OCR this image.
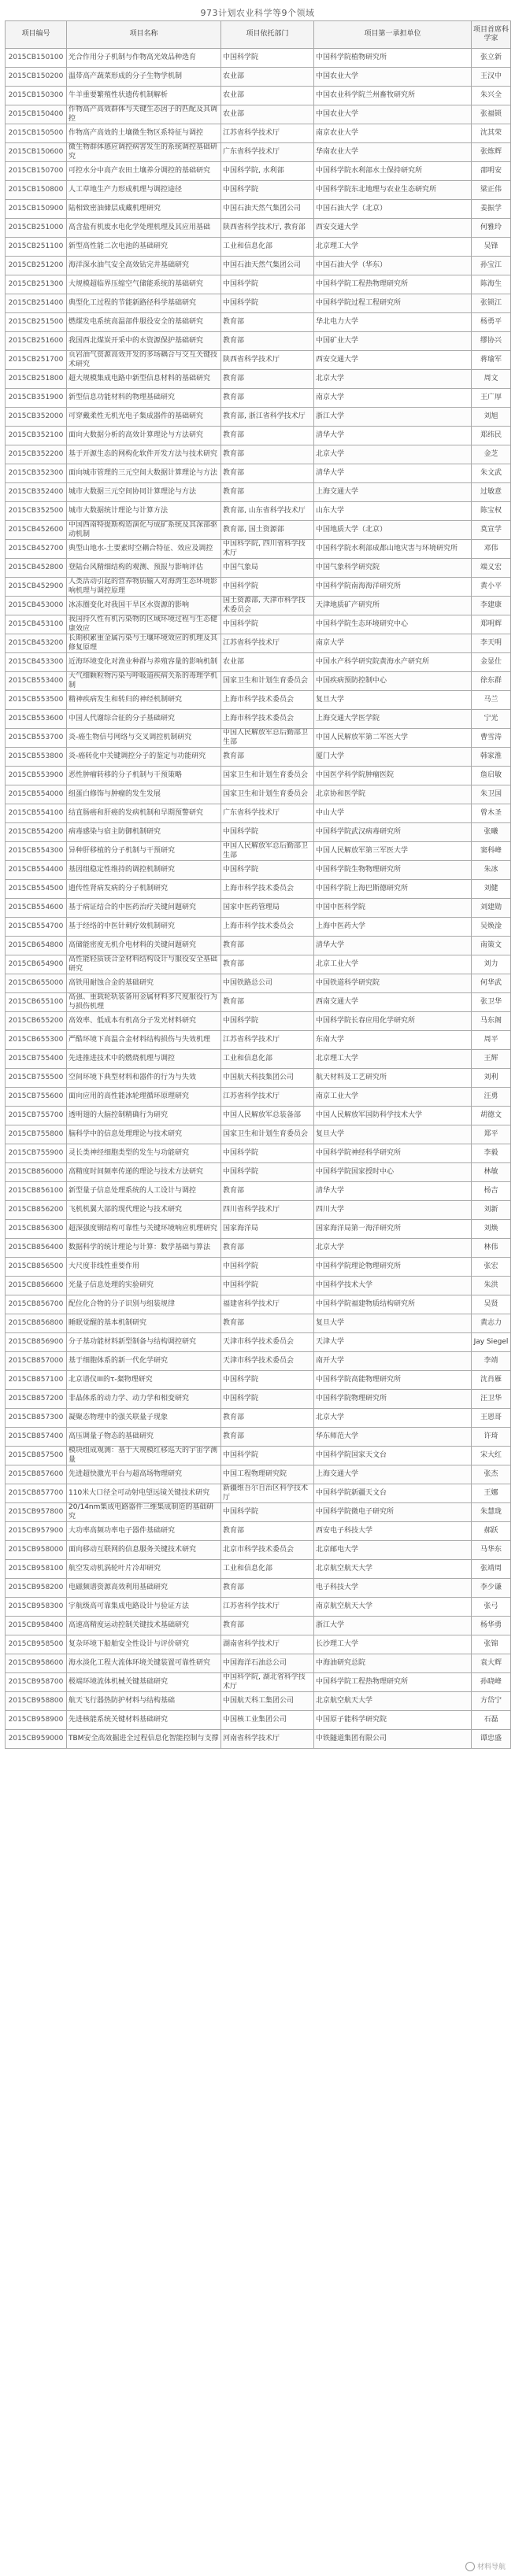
973计划农业科学等9个领域
项目编号	项目名称	项目依托部门	项目第一承担单位	项目首席科学家
2015CB150100	光合作用分子机制与作物高光效品种选育	中国科学院	中国科学院植物研究所	张立新
2015CB150200	温带高产蔬菜形成的分子生物学机制	农业部	中国农业大学	王汉中
2015CB150300	牛羊重要繁殖性状遗传机制解析	农业部	中国农业科学院兰州畜牧研究所	朱兴全
2015CB150400	作物高产高效群体与关键生态因子的匹配及其调控	农业部	中国农业大学	张福锁
2015CB150500	作物高产高效的土壤微生物区系特征与调控	江苏省科学技术厅	南京农业大学	沈其荣
2015CB150600	微生物群体感应调控病害发生的系统调控基础研究	广东省科学技术厅	华南农业大学	张炼辉
2015CB150700	可控水分中高产农田土壤养分调控的基础研究	中国科学院, 水利部	中国科学院水利部水土保持研究所	邵明安
2015CB150800	人工草地生产力形成机理与调控途径	中国科学院	中国科学院东北地理与农业生态研究所	梁正伟
2015CB150900	陆相致密油储层成藏机理研究	中国石油天然气集团公司	中国石油大学（北京）	姜振学
2015CB251000	高含盐有机废水电化学处理机理及其应用基础	陕西省科学技术厅, 教育部	西安交通大学	何雅玲
2015CB251100	新型高性能二次电池的基础研究	工业和信息化部	北京理工大学	吴锋
2015CB251200	海洋深水油气安全高效钻完井基础研究	中国石油天然气集团公司	中国石油大学（华东）	孙宝江
2015CB251300	大规模超临界压缩空气储能系统的基础研究	中国科学院	中国科学院工程热物理研究所	陈海生
2015CB251400	典型化工过程的节能新路径科学基础研究	中国科学院	中国科学院过程工程研究所	张锁江
2015CB251500	燃煤发电系统高温部件服役安全的基础研究	教育部	华北电力大学	杨勇平
2015CB251600	我国西北煤炭开采中的水资源保护基础研究	教育部	中国矿业大学	缪协兴
2015CB251700	页岩油气资源高效开发的多场耦合与交互关键技术研究	陕西省科学技术厅	西安交通大学	蒋瑜军
2015CB251800	超大规模集成电路中新型信息材料的基础研究	教育部	北京大学	周文
2015CB351900	新型信息功能材料的物理基础研究	教育部	南京大学	王广厚
2015CB352000	可穿戴柔性无机光电子集成器件的基础研究	教育部, 浙江省科学技术厅	浙江大学	刘旭
2015CB352100	面向大数据分析的高效计算理论与方法研究	教育部	清华大学	郑纬民
2015CB352200	基于开源生态的网构化软件开发方法与技术研究	教育部	北京大学	金芝
2015CB352300	面向城市管理的三元空间大数据计算理论与方法	教育部	清华大学	朱文武
2015CB352400	城市大数据三元空间协同计算理论与方法	教育部	上海交通大学	过敏意
2015CB352500	城市大数据统计理论与计算方法	教育部, 山东省科学技术厅	山东大学	陈宝权
2015CB452600	中国西南特提斯构造演化与成矿系统及其深部驱动机制	教育部, 国土资源部	中国地质大学（北京）	莫宣学
2015CB452700	典型山地水-土要素时空耦合特征、效应及调控	中国科学院, 四川省科学技术厅	中国科学院水利部成都山地灾害与环境研究所	邓伟
2015CB452800	登陆台风精细结构的观测、预报与影响评估	中国气象局	中国气象科学研究院	端义宏
2015CB452900	人类活动引起的营养物质输入对海湾生态环境影响机理与调控原理	中国科学院	中国科学院南海海洋研究所	黄小平
2015CB453000	冰冻圈变化对我国干旱区水资源的影响	国土资源部, 天津市科学技术委员会	天津地质矿产研究所	李建康
2015CB453100	我国持久性有机污染物的区域环境过程与生态健康效应	中国科学院	中国科学院生态环境研究中心	郑明辉
2015CB453200	长期积累重金属污染与土壤环境效应的机理及其修复原理	江苏省科学技术厅	南京大学	李天明
2015CB453300	近海环境变化对渔业种群与养殖容量的影响机制	农业部	中国水产科学研究院黄海水产研究所	金显仕
2015CB553400	大气细颗粒物污染与呼吸道疾病关系的毒理学机制	国家卫生和计划生育委员会	中国疾病预防控制中心	徐东群
2015CB553500	精神疾病发生和转归的神经机制研究	上海市科学技术委员会	复旦大学	马兰
2015CB553600	中国人代谢综合征的分子基础研究	上海市科学技术委员会	上海交通大学医学院	宁光
2015CB553700	炎-癌生物信号网络与交叉调控机制研究	中国人民解放军总后勤部卫生部	中国人民解放军第二军医大学	曹雪涛
2015CB553800	炎-癌转化中关键调控分子的鉴定与功能研究	教育部	厦门大学	韩家淮
2015CB553900	恶性肿瘤转移的分子机制与干预策略	国家卫生和计划生育委员会	中国医学科学院肿瘤医院	詹启敏
2015CB554000	组蛋白修饰与肿瘤的发生发展	国家卫生和计划生育委员会	北京协和医学院	朱卫国
2015CB554100	结直肠癌和肝癌的发病机制和早期预警研究	广东省科学技术厅	中山大学	曾木圣
2015CB554200	病毒感染与宿主防御机制研究	中国科学院	中国科学院武汉病毒研究所	张曦
2015CB554300	异种肝移植的分子机制与干预研究	中国人民解放军总后勤部卫生部	中国人民解放军第三军医大学	窦科峰
2015CB554400	基因组稳定性维持的调控机制研究	中国科学院	中国科学院生物物理研究所	朱冰
2015CB554500	遗传性肾病发病的分子机制研究	上海市科学技术委员会	中国科学院上海巴斯德研究所	刘健
2015CB554600	基于病证结合的中医药治疗关键问题研究	国家中医药管理局	中国中医科学院	刘建勋
2015CB554700	基于经络的中医针刺疗效机制研究	上海市科学技术委员会	上海中医药大学	吴焕淦
2015CB654800	高储能密度无机介电材料的关键问题研究	教育部	清华大学	南策文
2015CB654900	高性能轻质镁合金材料结构设计与服役安全基础研究	教育部	北京工业大学	刘力
2015CB655000	高铁用耐蚀合金的基础研究	中国铁路总公司	中国铁道科学研究院	何华武
2015CB655100	高强、重载轮轨装备用金属材料多尺度服役行为与损伤机理	教育部	西南交通大学	张卫华
2015CB655200	高效率、低成本有机高分子发光材料研究	中国科学院	中国科学院长春应用化学研究所	马东阁
2015CB655300	严酷环境下高温合金材料结构损伤与失效机理	江苏省科学技术厅	东南大学	周平
2015CB755400	先进推进技术中的燃烧机理与调控	工业和信息化部	北京理工大学	王辉
2015CB755500	空间环境下典型材料和器件的行为与失效	中国航天科技集团公司	航天材料及工艺研究所	刘利
2015CB755600	面向应用的高性能冰轮理循环原理研究	江苏省科学技术厅	南京工业大学	汪勇
2015CB755700	透明翅的大脑控制精确行为研究	中国人民解放军总装备部	中国人民解放军国防科学技术大学	胡德文
2015CB755800	脑科学中的信息处理理论与技术研究	国家卫生和计划生育委员会	复旦大学	郑平
2015CB755900	灵长类神经细胞类型的发生与功能研究	中国科学院	中国科学院神经科学研究所	李毅
2015CB856000	高精度时间频率传递的理论与技术方法研究	中国科学院	中国科学院国家授时中心	林敏
2015CB856100	新型量子信息处理系统的人工设计与调控	教育部	清华大学	杨吉
2015CB856200	飞机机翼大部的现代理论与技术研究	四川省科学技术厅	四川大学	刘新
2015CB856300	超深强度钢结构可靠性与关键环境响应机理研究	国家海洋局	国家海洋局第一海洋研究所	刘焕
2015CB856400	数据科学的统计理论与计算：数学基础与算法	教育部	北京大学	林伟
2015CB856500	大尺度非线性重要作用	中国科学院	中国科学院理论物理研究所	张宏
2015CB856600	光量子信息处理的实验研究	中国科学院	中国科学技术大学	朱洪
2015CB856700	配位化合物的分子识别与组装规律	福建省科学技术厅	中国科学院福建物质结构研究所	吴贤
2015CB856800	睡眠觉醒的基本机制研究	教育部	复旦大学	黄志力
2015CB856900	分子基功能材料新型制备与结构调控研究	天津市科学技术委员会	天津大学	Jay Siegel
2015CB857000	基于细胞体系的新一代化学研究	天津市科学技术委员会	南开大学	李靖
2015CB857100	北京谱仪III的τ-粲物理研究	中国科学院	中国科学院高能物理研究所	沈肖雁
2015CB857200	非晶体系的动力学、动力学和相变研究	中国科学院	中国科学院物理研究所	汪卫华
2015CB857300	凝聚态物理中的强关联量子现象	教育部	北京大学	王恩哥
2015CB857400	高压调量子物态的基础研究	教育部	华东师范大学	许琦
2015CB857500	模块组成观测：基于大规模红移巡天的宇宙学测量	中国科学院	中国科学院国家天文台	宋大红
2015CB857600	先进超快激光平台与超高场物理研究	中国工程物理研究院	上海交通大学	张杰
2015CB857700	110米大口径全可动射电望远镜关键技术研究	新疆维吾尔自治区科学技术厅	中国科学院新疆天文台	王娜
2015CB957800	20/14nm集成电路器件三维集成制造的基础研究	中国科学院	中国科学院微电子研究所	朱慧珑
2015CB957900	大功率高频功率电子器件基础研究	教育部	西安电子科技大学	郝跃
2015CB958000	面向移动互联网的信息服务关键技术研究	北京市科学技术委员会	北京邮电大学	马华东
2015CB958100	航空发动机涡轮叶片冷却研究	工业和信息化部	北京航空航天大学	张靖周
2015CB958200	电磁频谱资源高效利用基础研究	教育部	电子科技大学	李少谦
2015CB958300	宇航级高可靠集成电路设计与验证方法	江苏省科学技术厅	南京航空航天大学	张弓
2015CB958400	高速高精度运动控制关键技术基础研究	教育部	浙江大学	杨华勇
2015CB958500	复杂环境下船舶安全性设计与评价研究	湖南省科学技术厅	长沙理工大学	张锦
2015CB958600	海水淡化工程大流体环境关键装置可靠性研究	中国海洋石油总公司	中海油研究总院	袁大辉
2015CB958700	极端环境流体机械关键基础研究	中国科学院, 湖北省科学技术厅	中国科学院工程热物理研究所	孙晓峰
2015CB958800	航天飞行器热防护材料与结构基础	中国航天科工集团公司	北京航空航天大学	方岱宁
2015CB958900	先进核能系统关键材料基础研究	中国核工业集团公司	中国原子能科学研究院	石磊
2015CB959000	TBM安全高效掘进全过程信息化智能控制与支撑	河南省科学技术厅	中铁隧道集团有限公司	谭忠盛
材料导航
